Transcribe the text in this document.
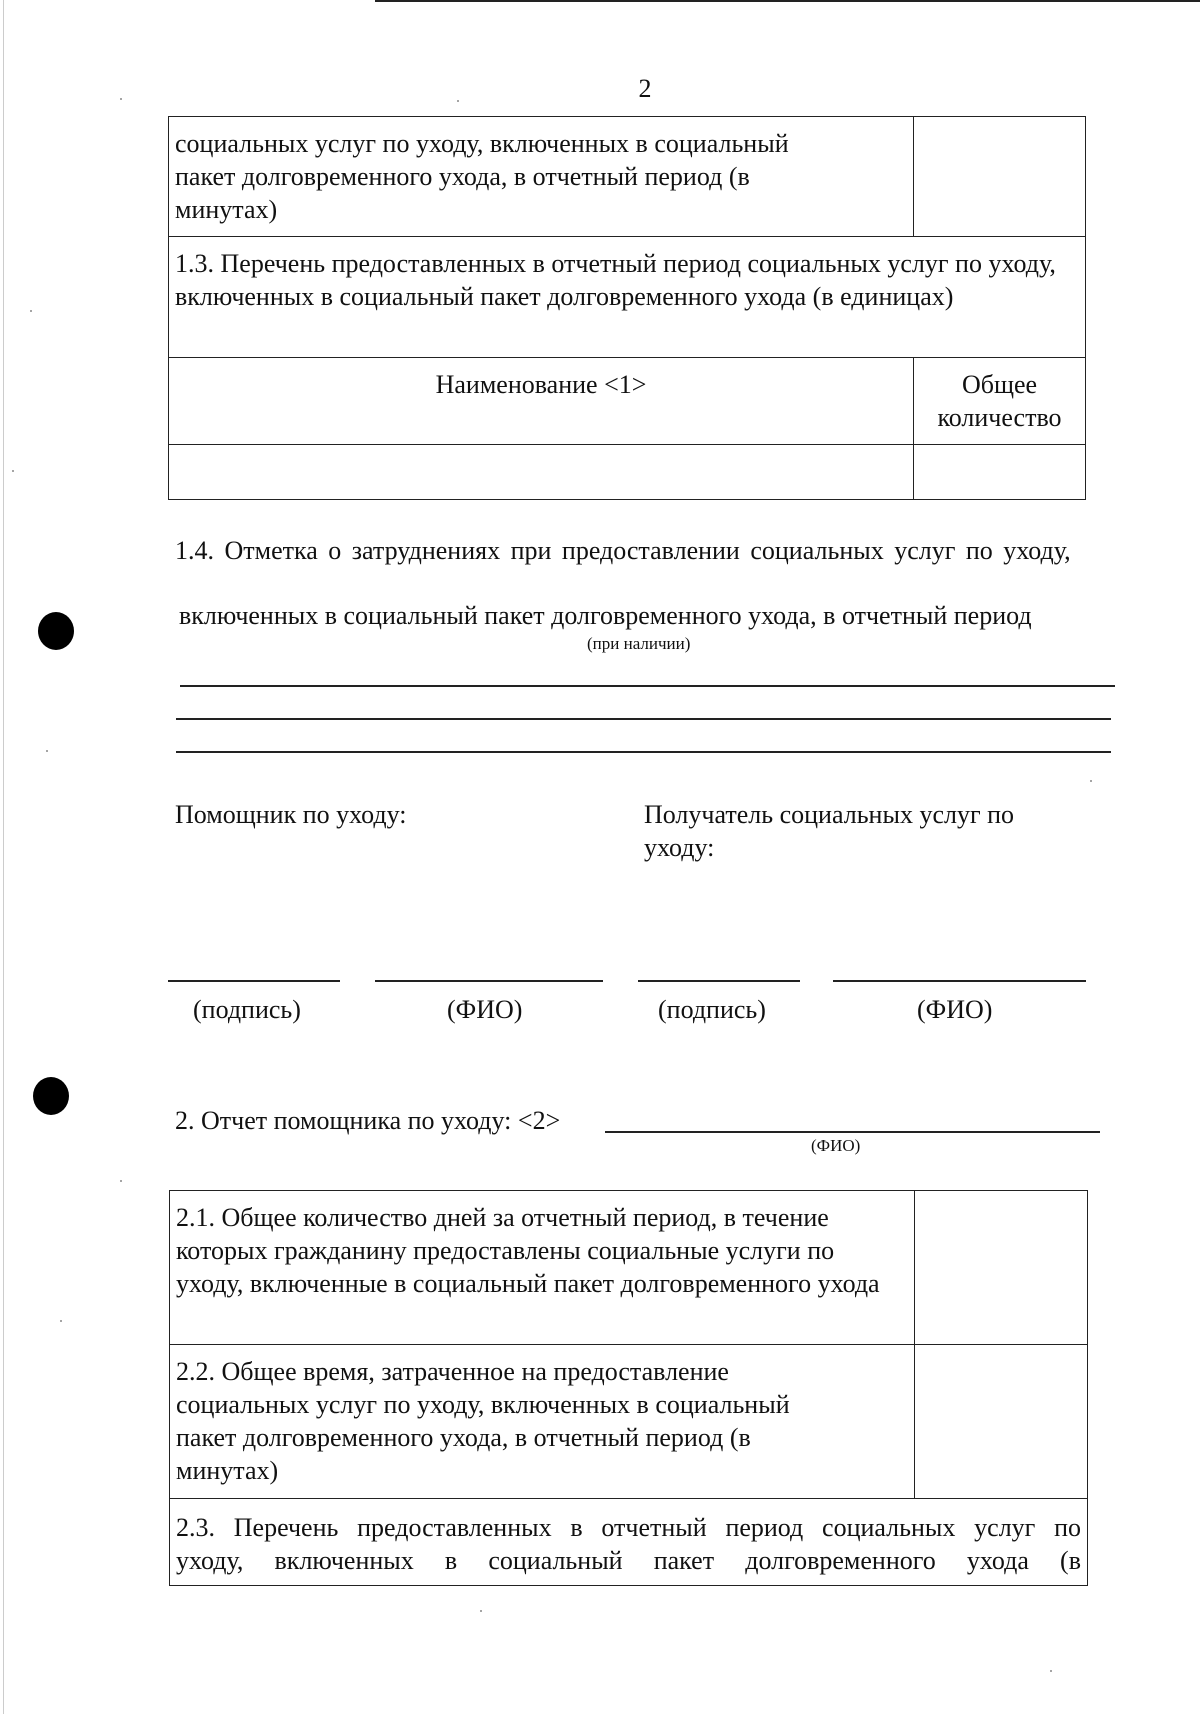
2
социальных услуг по уходу, включенных в социальный пакет долговременного ухода, в отчетный период (в минутах)	
1.3. Перечень предоставленных в отчетный период социальных услуг по уходу, включенных в социальный пакет долговременного ухода (в единицах)	
Наименование <1>	Общее количество

1.4. Отметка о затруднениях при предоставлении социальных услуг по уходу,
включенных в социальный пакет долговременного ухода, в отчетный период
(при наличии)
Помощник по уходу:	Получатель социальных услуг по уходу:
(подпись)	(ФИО)	(подпись)	(ФИО)
2. Отчет помощника по уходу: <2>
(ФИО)
2.1. Общее количество дней за отчетный период, в течение которых гражданину предоставлены социальные услуги по уходу, включенные в социальный пакет долговременного ухода	
2.2. Общее время, затраченное на предоставление социальных услуг по уходу, включенных в социальный пакет долговременного ухода, в отчетный период (в минутах)	

2.3. Перечень предоставленных в отчетный период социальных услуг по
уходу, включенных в социальный пакет долговременного ухода (в	
